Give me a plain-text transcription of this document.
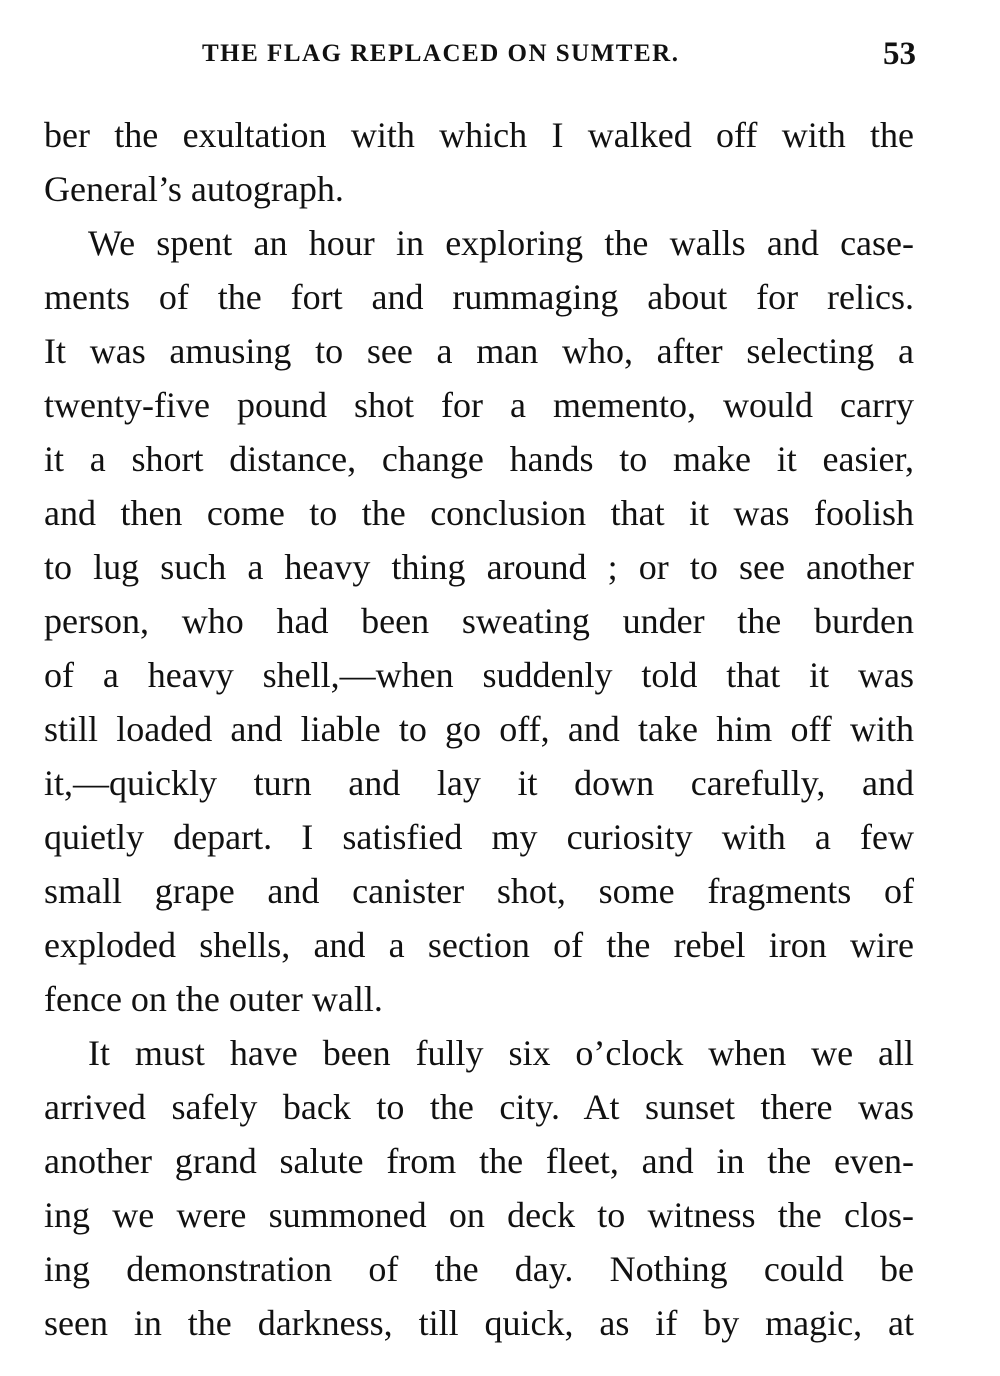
THE FLAG REPLACED ON SUMTER.	53
ber the exultation with which I walked off with the
General’s autograph.
We spent an hour in exploring the walls and case-
ments of the fort and rummaging about for relics.
It was amusing to see a man who, after selecting a
twenty-five pound shot for a memento, would carry
it a short distance, change hands to make it easier,
and then come to the conclusion that it was foolish
to lug such a heavy thing around ; or to see another
person, who had been sweating under the burden
of a heavy shell,—when suddenly told that it was
still loaded and liable to go off, and take him off with
it,—quickly turn and lay it down carefully, and
quietly depart. I satisfied my curiosity with a few
small grape and canister shot, some fragments of
exploded shells, and a section of the rebel iron wire
fence on the outer wall.
It must have been fully six o’clock when we all
arrived safely back to the city. At sunset there was
another grand salute from the fleet, and in the even-
ing we were summoned on deck to witness the clos-
ing demonstration of the day. Nothing could be
seen in the darkness, till quick, as if by magic, at
